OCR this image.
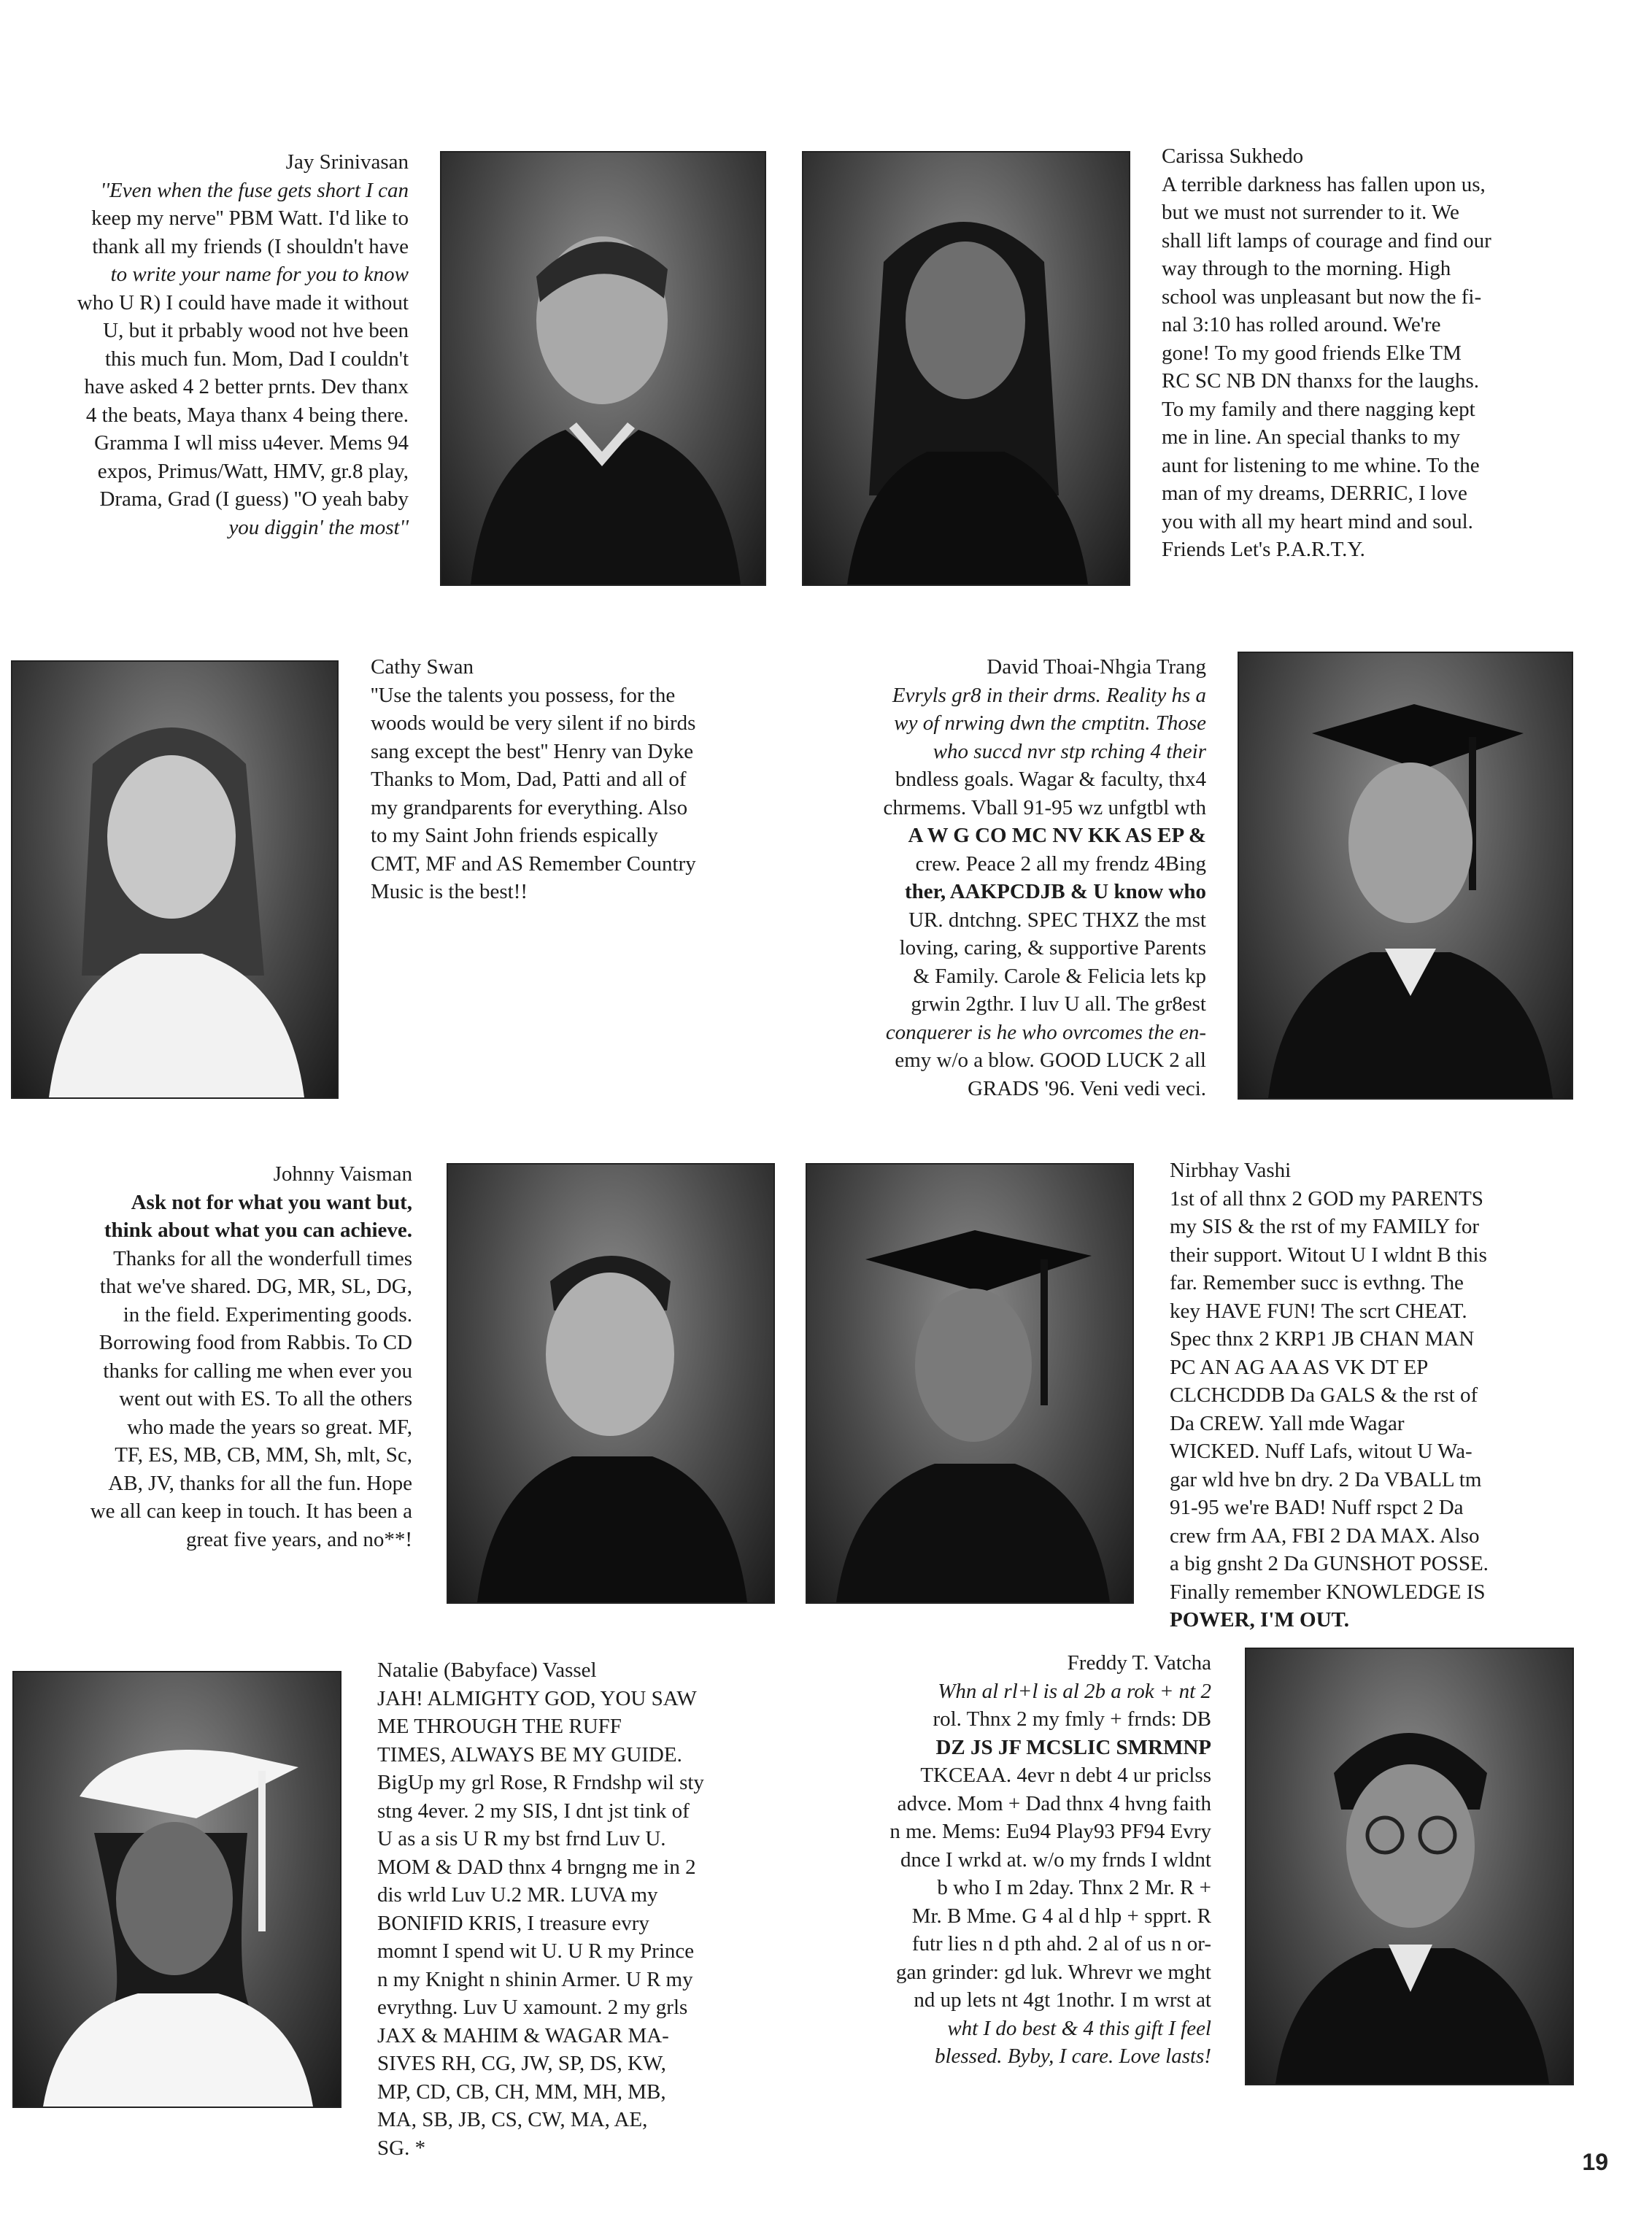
Jay Srinivasan
''Even when the fuse gets short I can
keep my nerve'' PBM Watt. I'd like to
thank all my friends (I shouldn't have
to write your name for you to know
who U R) I could have made it without
U, but it prbably wood not hve been
this much fun. Mom, Dad I couldn't
have asked 4 2 better prnts. Dev thanx
4 the beats, Maya thanx 4 being there.
Gramma I wll miss u4ever. Mems 94
expos, Primus/Watt, HMV, gr.8 play,
Drama, Grad (I guess) ''O yeah baby
you diggin' the most''
Carissa Sukhedo
A terrible darkness has fallen upon us,
but we must not surrender to it. We
shall lift lamps of courage and find our
way through to the morning. High
school was unpleasant but now the fi-
nal 3:10 has rolled around. We're
gone! To my good friends Elke TM
RC SC NB DN thanxs for the laughs.
To my family and there nagging kept
me in line. An special thanks to my
aunt for listening to me whine. To the
man of my dreams, DERRIC, I love
you with all my heart mind and soul.
Friends Let's P.A.R.T.Y.
Cathy Swan
''Use the talents you possess, for the
woods would be very silent if no birds
sang except the best'' Henry van Dyke
Thanks to Mom, Dad, Patti and all of
my grandparents for everything. Also
to my Saint John friends espically
CMT, MF and AS Remember Country
Music is the best!!
David Thoai-Nhgia Trang
Evryls gr8 in their drms. Reality hs a
wy of nrwing dwn the cmptitn. Those
who succd nvr stp rching 4 their
bndless goals. Wagar & faculty, thx4
chrmems. Vball 91-95 wz unfgtbl wth
A W G CO MC NV KK AS EP &
crew. Peace 2 all my frendz 4Bing
ther, AAKPCDJB & U know who
UR. dntchng. SPEC THXZ the mst
loving, caring, & supportive Parents
& Family. Carole & Felicia lets kp
grwin 2gthr. I luv U all. The gr8est
conquerer is he who ovrcomes the en-
emy w/o a blow. GOOD LUCK 2 all
GRADS '96. Veni vedi veci.
Johnny Vaisman
Ask not for what you want but,
think about what you can achieve.
Thanks for all the wonderfull times
that we've shared. DG, MR, SL, DG,
in the field. Experimenting goods.
Borrowing food from Rabbis. To CD
thanks for calling me when ever you
went out with ES. To all the others
who made the years so great. MF,
TF, ES, MB, CB, MM, Sh, mlt, Sc,
AB, JV, thanks for all the fun. Hope
we all can keep in touch. It has been a
great five years, and no**!
Nirbhay Vashi
1st of all thnx 2 GOD my PARENTS
my SIS & the rst of my FAMILY for
their support. Witout U I wldnt B this
far. Remember succ is evthng. The
key HAVE FUN! The scrt CHEAT.
Spec thnx 2 KRP1 JB CHAN MAN
PC AN AG AA AS VK DT EP
CLCHCDDB Da GALS & the rst of
Da CREW. Yall mde Wagar
WICKED. Nuff Lafs, witout U Wa-
gar wld hve bn dry. 2 Da VBALL tm
91-95 we're BAD! Nuff rspct 2 Da
crew frm AA, FBI 2 DA MAX. Also
a big gnsht 2 Da GUNSHOT POSSE.
Finally remember KNOWLEDGE IS
POWER, I'M OUT.
Natalie (Babyface) Vassel
JAH! ALMIGHTY GOD, YOU SAW
ME THROUGH THE RUFF
TIMES, ALWAYS BE MY GUIDE.
BigUp my grl Rose, R Frndshp wil sty
stng 4ever. 2 my SIS, I dnt jst tink of
U as a sis U R my bst frnd Luv U.
MOM & DAD thnx 4 brngng me in 2
dis wrld Luv U.2 MR. LUVA my
BONIFID KRIS, I treasure evry
momnt I spend wit U. U R my Prince
n my Knight n shinin Armer. U R my
evrythng. Luv U xamount. 2 my grls
JAX & MAHIM & WAGAR MA-
SIVES RH, CG, JW, SP, DS, KW,
MP, CD, CB, CH, MM, MH, MB,
MA, SB, JB, CS, CW, MA, AE,
SG. *
Freddy T. Vatcha
Whn al rl+l is al 2b a rok + nt 2
rol. Thnx 2 my fmly + frnds: DB
DZ JS JF MCSLIC SMRMNP
TKCEAA. 4evr n debt 4 ur priclss
advce. Mom + Dad thnx 4 hvng faith
n me. Mems: Eu94 Play93 PF94 Evry
dnce I wrkd at. w/o my frnds I wldnt
b who I m 2day. Thnx 2 Mr. R +
Mr. B Mme. G 4 al d hlp + spprt. R
futr lies n d pth ahd. 2 al of us n or-
gan grinder: gd luk. Whrevr we mght
nd up lets nt 4gt 1nothr. I m wrst at
wht I do best & 4 this gift I feel
blessed. Byby, I care. Love lasts!
19
